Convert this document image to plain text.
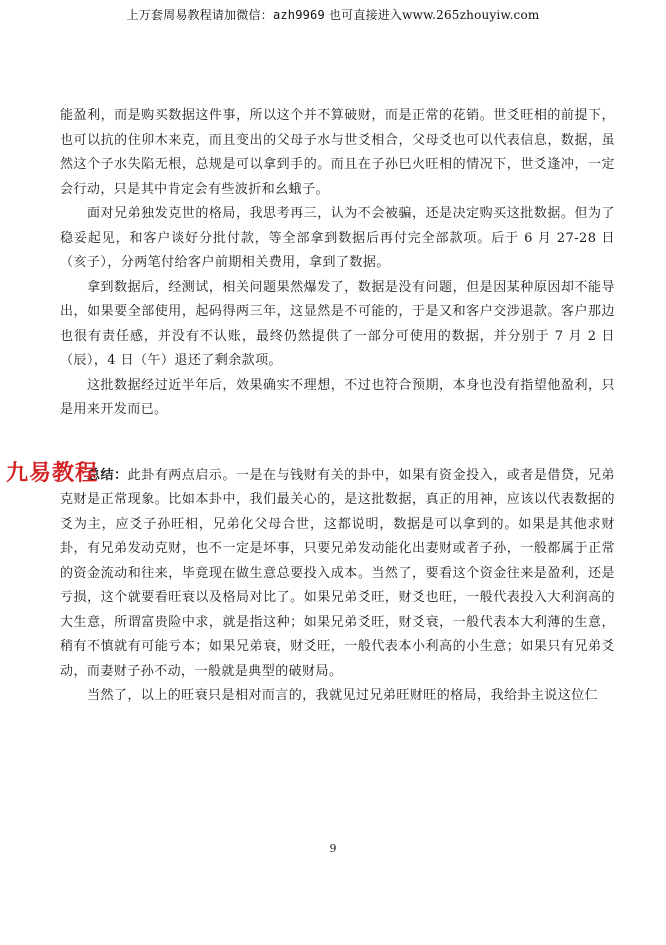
上万套周易教程请加微信：azh9969 也可直接进入www.265zhouyiw.com

能盈利，而是购买数据这件事，所以这个并不算破财，而是正常的花销。世爻旺相的前提下，也可以抗的住卯木来克，而且变出的父母子水与世爻相合，父母爻也可以代表信息，数据，虽然这个子水失陷无根，总规是可以拿到手的。而且在子孙巳火旺相的情况下，世爻逢冲，一定会行动，只是其中肯定会有些波折和幺蛾子。

面对兄弟独发克世的格局，我思考再三，认为不会被骗，还是决定购买这批数据。但为了稳妥起见，和客户谈好分批付款，等全部拿到数据后再付完全部款项。后于 6 月 27-28 日（亥子），分两笔付给客户前期相关费用，拿到了数据。

拿到数据后，经测试，相关问题果然爆发了，数据是没有问题，但是因某种原因却不能导出，如果要全部使用，起码得两三年，这显然是不可能的，于是又和客户交涉退款。客户那边也很有责任感，并没有不认账，最终仍然提供了一部分可使用的数据，并分别于 7 月 2 日（辰），4 日（午）退还了剩余款项。

这批数据经过近半年后，效果确实不理想，不过也符合预期，本身也没有指望他盈利，只是用来开发而已。

总结：此卦有两点启示。一是在与钱财有关的卦中，如果有资金投入，或者是借贷，兄弟克财是正常现象。比如本卦中，我们最关心的，是这批数据，真正的用神，应该以代表数据的爻为主，应爻子孙旺相，兄弟化父母合世，这都说明，数据是可以拿到的。如果是其他求财卦，有兄弟发动克财，也不一定是坏事，只要兄弟发动能化出妻财或者子孙，一般都属于正常的资金流动和往来，毕竟现在做生意总要投入成本。当然了，要看这个资金往来是盈利，还是亏损，这个就要看旺衰以及格局对比了。如果兄弟爻旺，财爻也旺，一般代表投入大利润高的大生意，所谓富贵险中求，就是指这种；如果兄弟爻旺，财爻衰，一般代表本大利薄的生意，稍有不慎就有可能亏本；如果兄弟衰，财爻旺，一般代表本小利高的小生意；如果只有兄弟爻动，而妻财子孙不动，一般就是典型的破财局。

当然了，以上的旺衰只是相对而言的，我就见过兄弟旺财旺的格局，我给卦主说这位仁

九易教程
9
